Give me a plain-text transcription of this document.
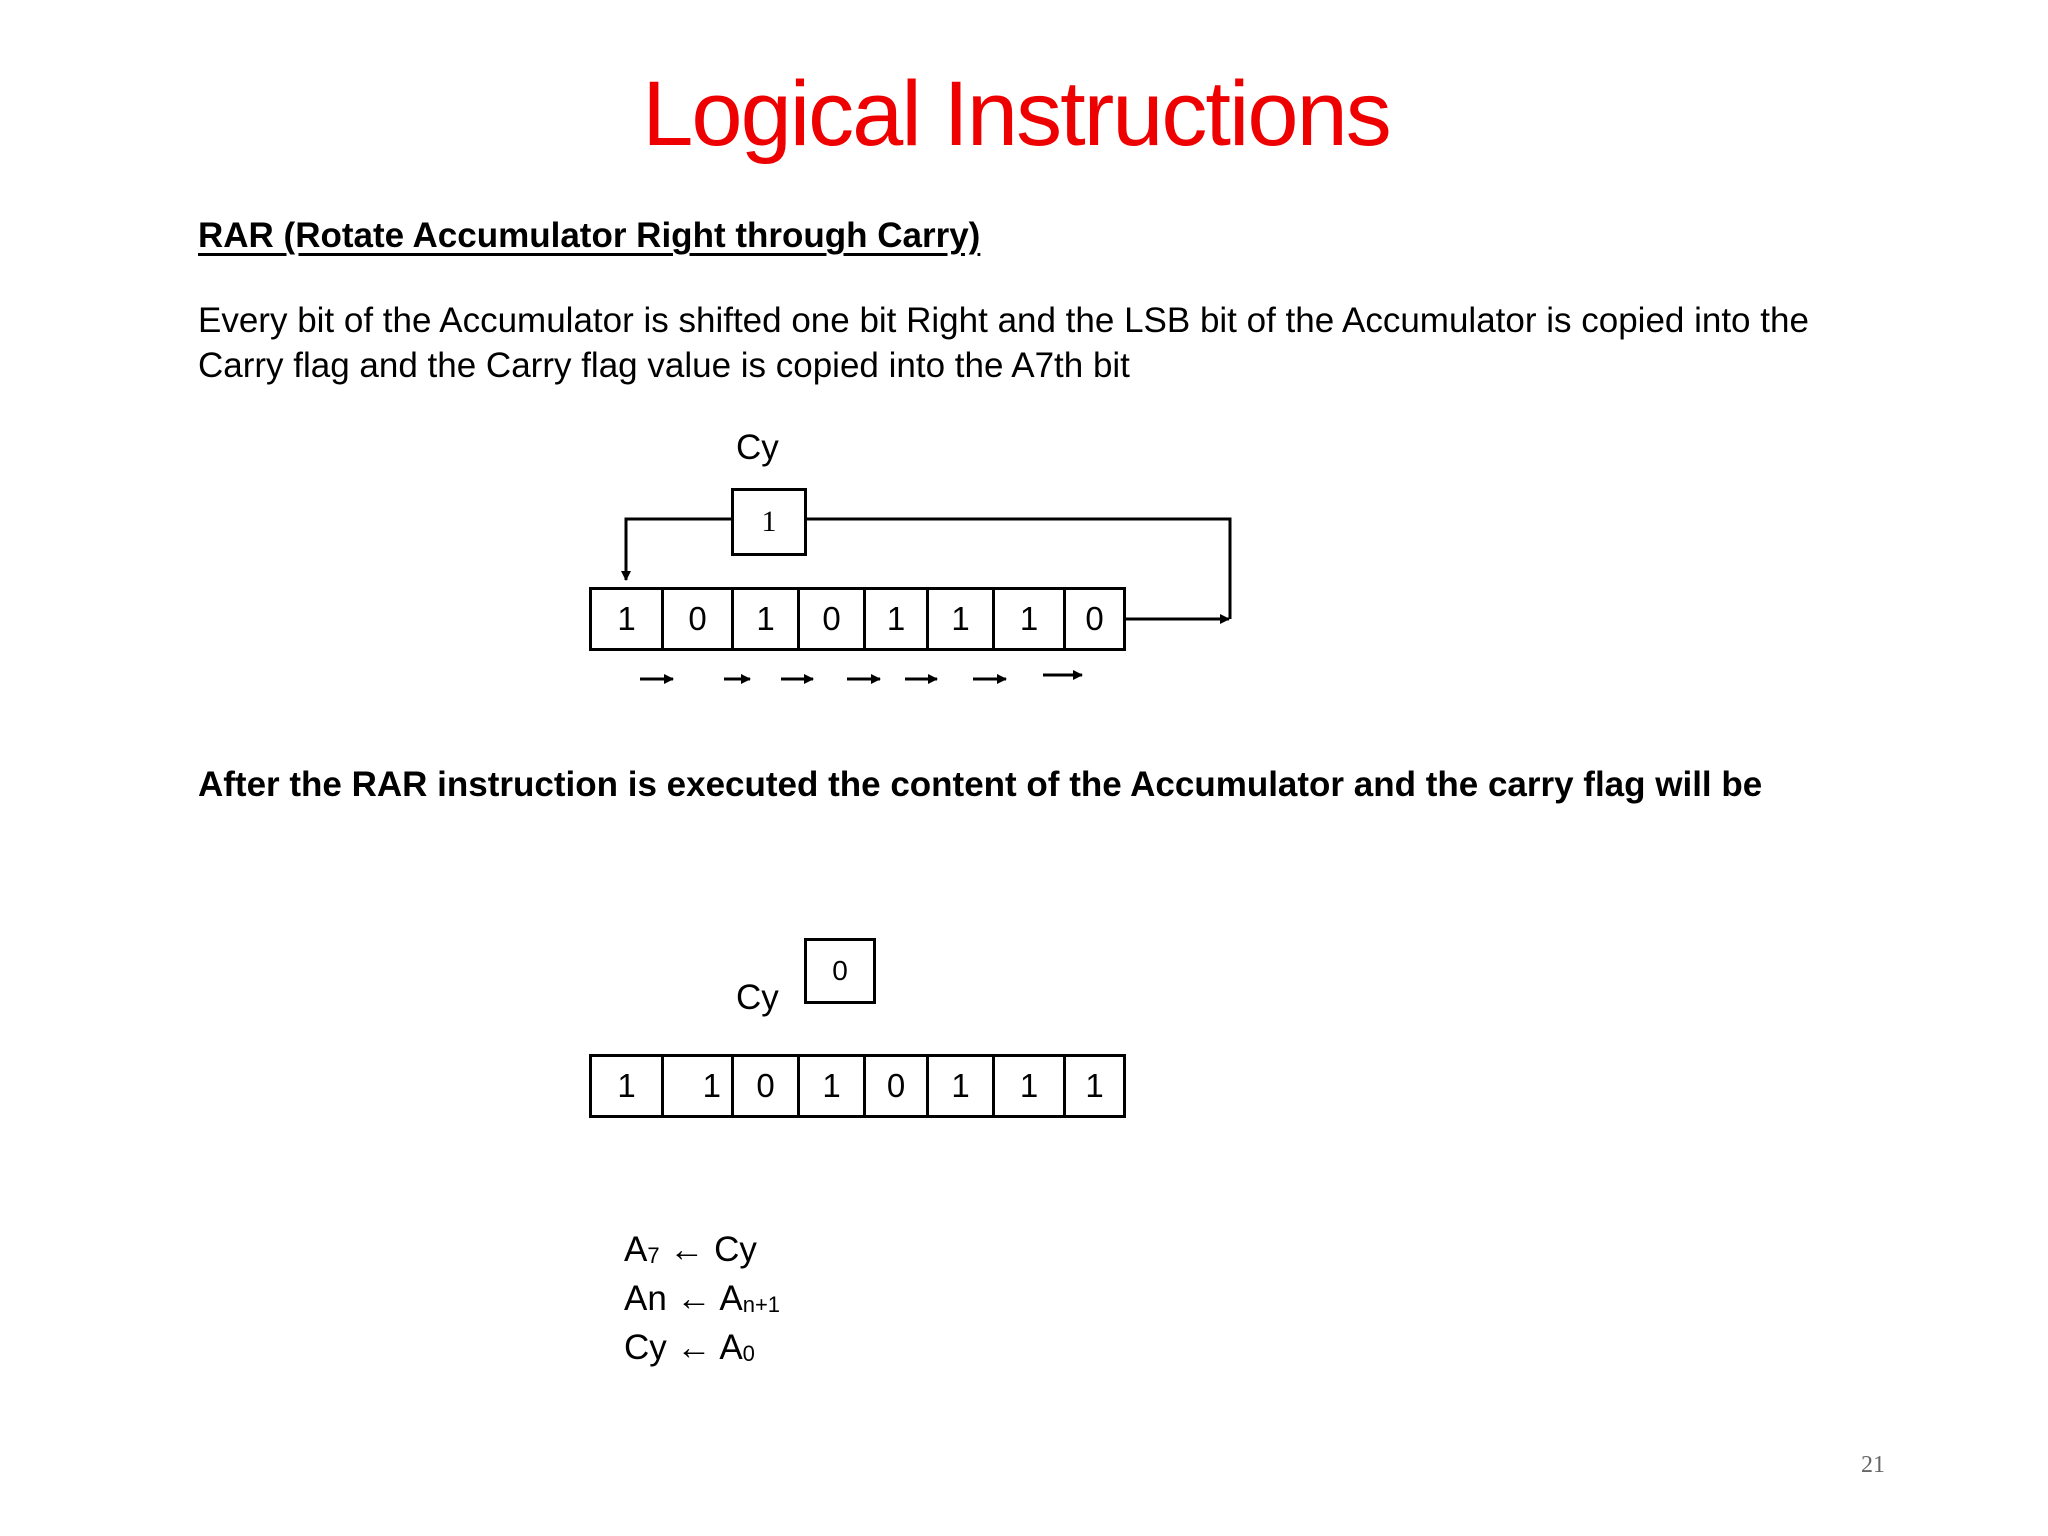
Logical Instructions
RAR (Rotate Accumulator Right through Carry)
Every bit of the Accumulator is shifted one bit Right and the LSB bit of the Accumulator is copied into the Carry flag and the Carry flag value is copied into the A7th bit
Cy
1
1	0	1	0	1	1	1	0
After the RAR instruction is executed the content of the Accumulator and the carry flag will be
Cy
0
1	1	0	1	0	1	1	1
$A_7$ ← Cy
An ← $A_{n+1}$
Cy ← $A_0$
21
